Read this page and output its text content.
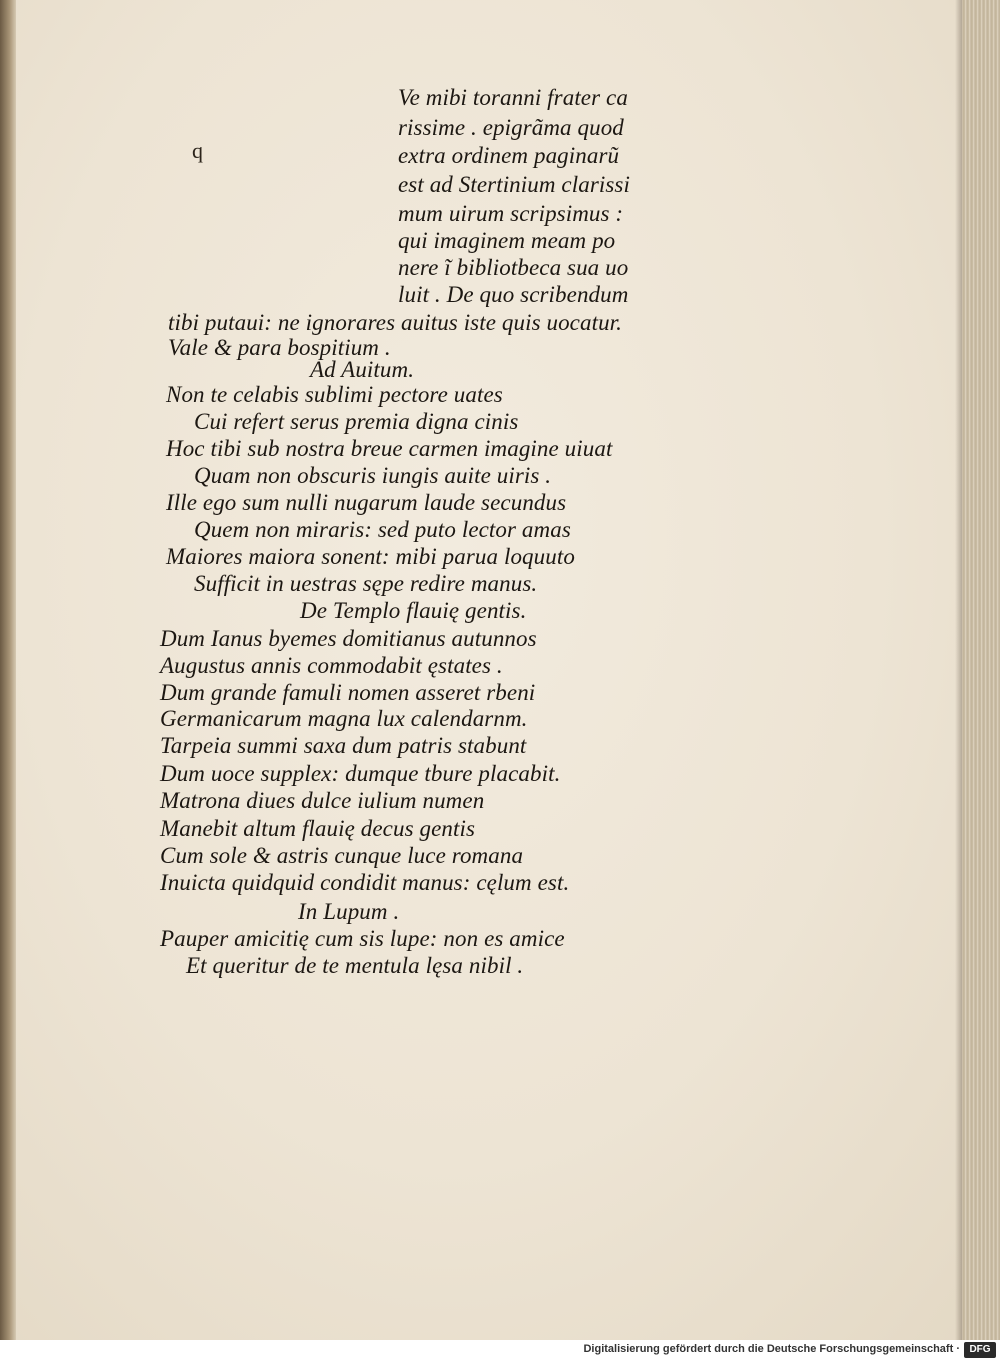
q
Ve mibi toranni frater ca
rissime . epigrãma quod
extra ordinem paginarũ
est ad Stertinium clarissi
mum uirum scripsimus :
qui imaginem meam po
nere ĩ bibliotbeca sua uo
luit . De quo scribendum
tibi putaui: ne ignorares auitus iste quis uocatur.
Vale & para bospitium .
Ad Auitum.
Non te celabis sublimi pectore uates
Cui refert serus premia digna cinis
Hoc tibi sub nostra breue carmen imagine uiuat
Quam non obscuris iungis auite uiris .
Ille ego sum nulli nugarum laude secundus
Quem non miraris: sed puto lector amas
Maiores maiora sonent: mibi parua loquuto
Sufficit in uestras sępe redire manus.
De Templo flauię gentis.
Dum Ianus byemes domitianus autunnos
Augustus annis commodabit ęstates .
Dum grande famuli nomen asseret rbeni
Germanicarum magna lux calendarnm.
Tarpeia summi saxa dum patris stabunt
Dum uoce supplex: dumque tbure placabit.
Matrona diues dulce iulium numen
Manebit altum flauię decus gentis
Cum sole & astris cunque luce romana
Inuicta quidquid condidit manus: cęlum est.
In Lupum .
Pauper amicitię cum sis lupe: non es amice
Et queritur de te mentula lęsa nibil .
Digitalisierung gefördert durch die Deutsche Forschungsgemeinschaft · DFG
